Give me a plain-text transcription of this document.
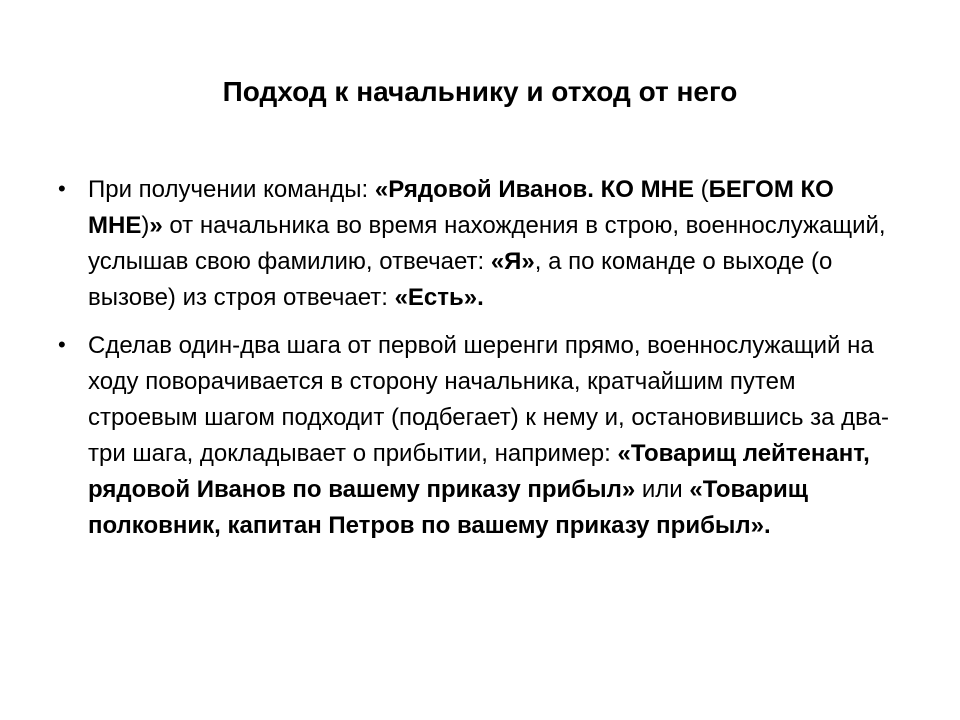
Подход к начальнику и отход от него
• При получении команды: «Рядовой Иванов. КО МНЕ (БЕГОМ КО МНЕ)» от начальника во время нахождения в строю, военнослужащий, услышав свою фамилию, отвечает: «Я», а по команде о выходе (о вызове) из строя отвечает: «Есть».
• Сделав один-два шага от первой шеренги прямо, военнослужащий на ходу поворачивается в сторону начальника, кратчайшим путем строевым шагом подходит (подбегает) к нему и, остановившись за два-три шага, докладывает о прибытии, например: «Товарищ лейтенант, рядовой Иванов по вашему приказу прибыл» или «Товарищ полковник, капитан Петров по вашему приказу прибыл».
